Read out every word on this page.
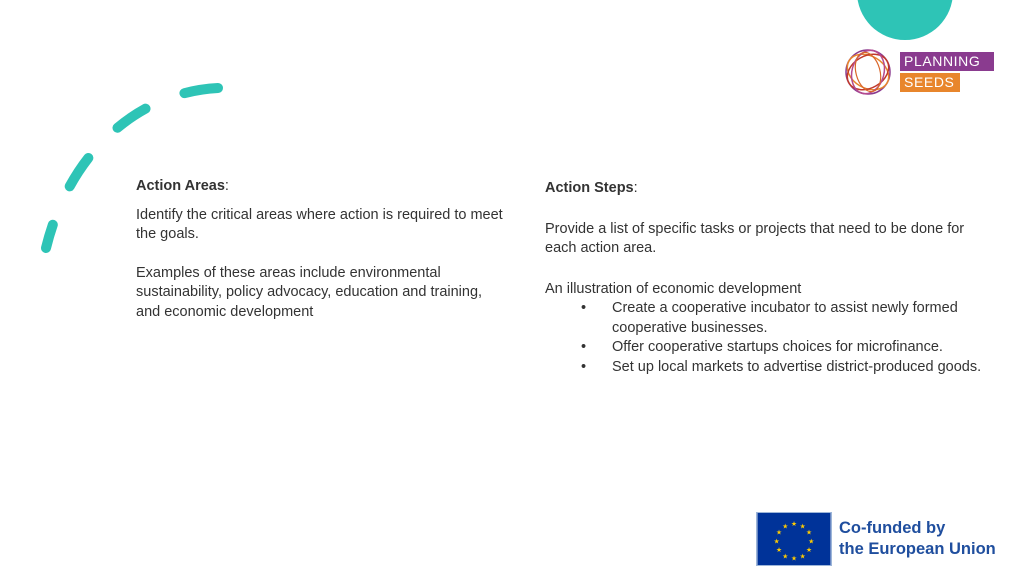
PLANNING
SEEDS

Action Areas:

Identify the critical areas where action is required to meet the goals.

Examples of these areas include environmental sustainability, policy advocacy, education and training, and economic development

Action Steps:

Provide a list of specific tasks or projects that need to be done for each action area.

An illustration of economic development

• Create a cooperative incubator to assist newly formed cooperative businesses.
• Offer cooperative startups choices for microfinance.
• Set up local markets to advertise district-produced goods.
★ ★
★
★
★
★
★
★
★
★
★
★	Co-funded by
the European Union
